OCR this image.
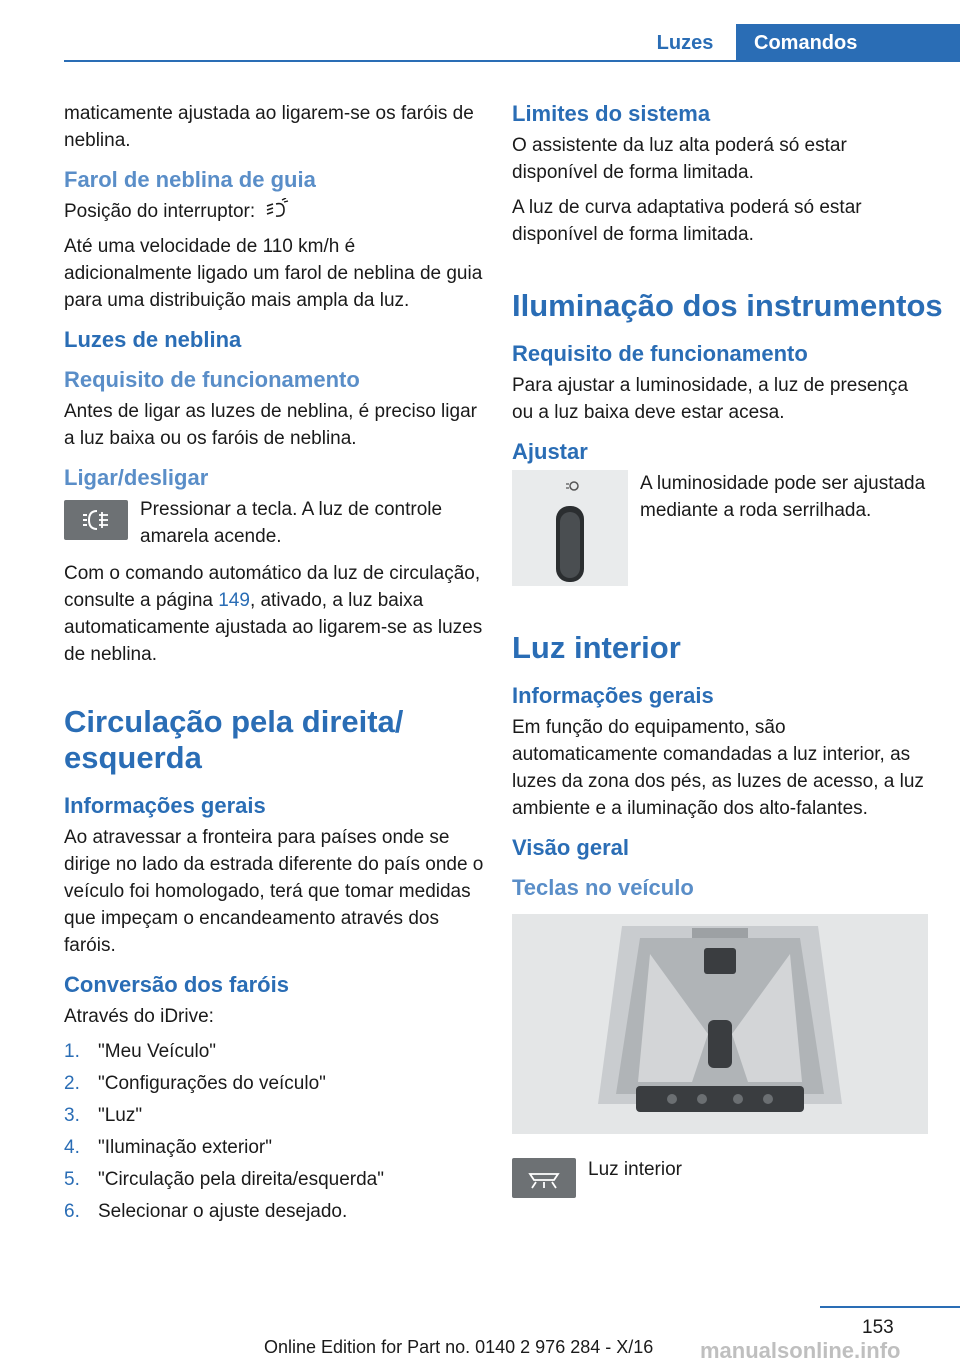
Luzes	Comandos

maticamente ajustada ao ligarem-se os faróis de neblina.

Farol de neblina de guia

Posição do interruptor:

Até uma velocidade de 110 km/h é adicionalmente ligado um farol de neblina de guia para uma distribuição mais ampla da luz.

Luzes de neblina
Requisito de funcionamento

Antes de ligar as luzes de neblina, é preciso ligar a luz baixa ou os faróis de neblina.

Ligar/desligar

Pressionar a tecla. A luz de controle amarela acende.

Com o comando automático da luz de circulação, consulte a página 149, ativado, a luz baixa automaticamente ajustada ao ligarem-se as luzes de neblina.

Circulação pela direita/ esquerda
Informações gerais

Ao atravessar a fronteira para países onde se dirige no lado da estrada diferente do país onde o veículo foi homologado, terá que tomar medidas que impeçam o encandeamento através dos faróis.

Conversão dos faróis

Através do iDrive:

1. "Meu Veículo"
2. "Configurações do veículo"
3. "Luz"
4. "Iluminação exterior"
5. "Circulação pela direita/esquerda"
6. Selecionar o ajuste desejado.
Limites do sistema

O assistente da luz alta poderá só estar disponível de forma limitada.

A luz de curva adaptativa poderá só estar disponível de forma limitada.

Iluminação dos instrumentos
Requisito de funcionamento

Para ajustar a luminosidade, a luz de presença ou a luz baixa deve estar acesa.

Ajustar

A luminosidade pode ser ajustada mediante a roda serrilhada.

Luz interior
Informações gerais

Em função do equipamento, são automaticamente comandadas a luz interior, as luzes da zona dos pés, as luzes de acesso, a luz ambiente e a iluminação dos alto-falantes.

Visão geral
Teclas no veículo

Luz interior

153
Online Edition for Part no. 0140 2 976 284 - X/16 manualsonline.info
